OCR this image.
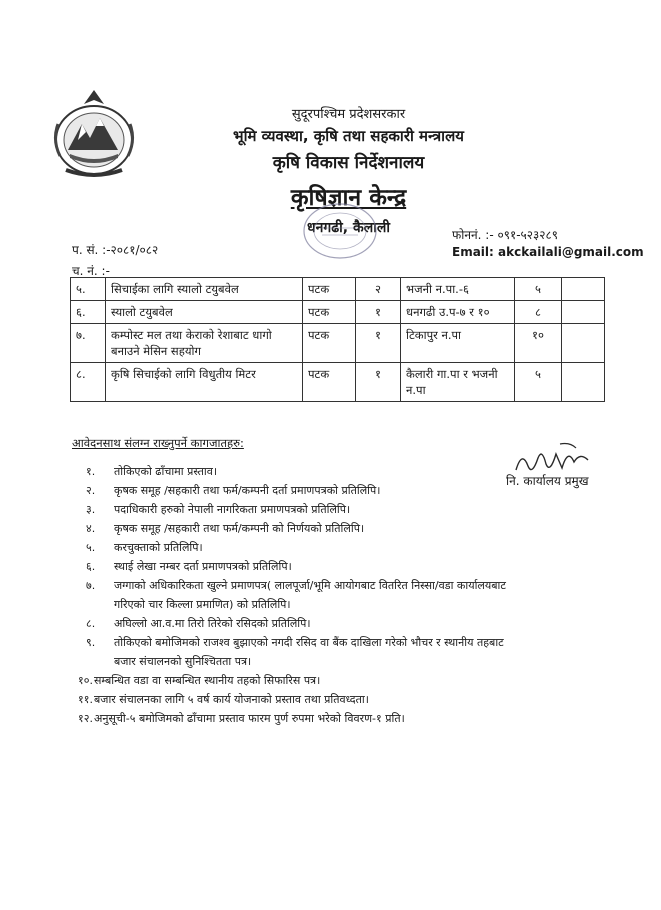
सुदूरपश्चिम प्रदेशसरकार
भूमि व्यवस्था, कृषि तथा सहकारी मन्त्रालय
कृषि विकास निर्देशनालय
कृषिज्ञान केन्द्र
धनगढी, कैलाली
प. सं. :-२०८१/०८२
च. नं. :-
फोननं. :- ०९१-५२३२८९
Email: akckailali@gmail.com
५.	सिचाईका लागि स्यालो टयुबवेल	पटक	२	भजनी न.पा.-६	५	
६.	स्यालो टयुबवेल	पटक	१	धनगढी उ.प-७ र १०	८	
७.	कम्पोस्ट मल तथा केराको रेशाबाट धागो बनाउने मेसिन सहयोग	पटक	१	टिकापुर न.पा	१०	
८.	कृषि सिचाईको लागि विधुतीय मिटर	पटक	१	कैलारी गा.पा र भजनी न.पा	५	
आवेदनसाथ संलग्न राख्नुपर्ने कागजातहरु:
नि. कार्यालय प्रमुख
१. तोकिएको ढाँचामा प्रस्ताव।
२. कृषक समूह /सहकारी तथा फर्म/कम्पनी दर्ता प्रमाणपत्रको प्रतिलिपि।
३. पदाधिकारी हरुको नेपाली नागरिकता प्रमाणपत्रको प्रतिलिपि।
४. कृषक समूह /सहकारी तथा फर्म/कम्पनी को निर्णयको प्रतिलिपि।
५. करचुक्ताको प्रतिलिपि।
६. स्थाई लेखा नम्बर दर्ता प्रमाणपत्रको प्रतिलिपि।
७. जग्गाको अधिकारिकता खुल्ने प्रमाणपत्र( लालपूर्जा/भूमि आयोगबाट वितरित निस्सा/वडा कार्यालयबाट गरिएको चार किल्ला प्रमाणित) को प्रतिलिपि।
८. अघिल्लो आ.व.मा तिरो तिरेको रसिदको प्रतिलिपि।
९. तोकिएको बमोजिमको राजश्व बुझाएको नगदी रसिद वा बैंक दाखिला गरेको भौचर र स्थानीय तहबाट बजार संचालनको सुनिश्चितता पत्र।
१०. सम्बन्धित वडा वा सम्बन्धित स्थानीय तहको सिफारिस पत्र।
११. बजार संचालनका लागि ५ वर्ष कार्य योजनाको प्रस्ताव तथा प्रतिवध्दता।
१२. अनुसूची-५ बमोजिमको ढाँचामा प्रस्ताव फारम पुर्ण रुपमा भरेको विवरण-१ प्रति।
